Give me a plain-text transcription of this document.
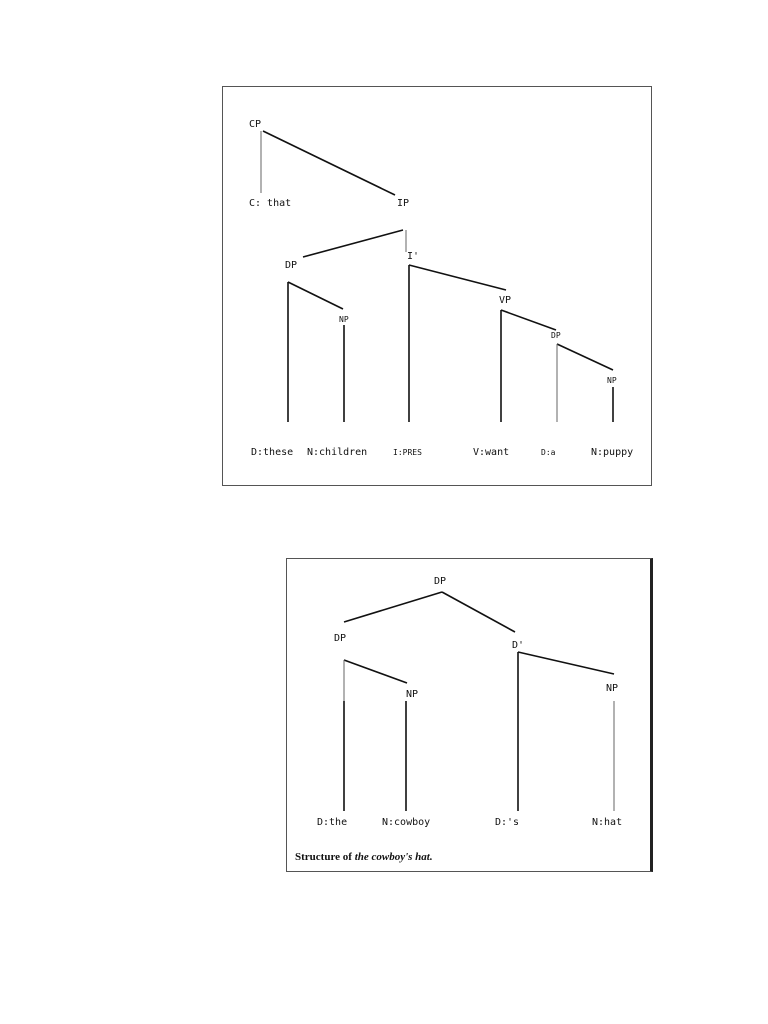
CP
C: that	IP
DP
I'
NP
VP
DP
NP
D:these N:children	I:PRES	V:want	D:a	N:puppy
DP
DP
D'
NP
NP
D:the	N:cowboy	D:'s	N:hat
Structure of the cowboy's hat.
